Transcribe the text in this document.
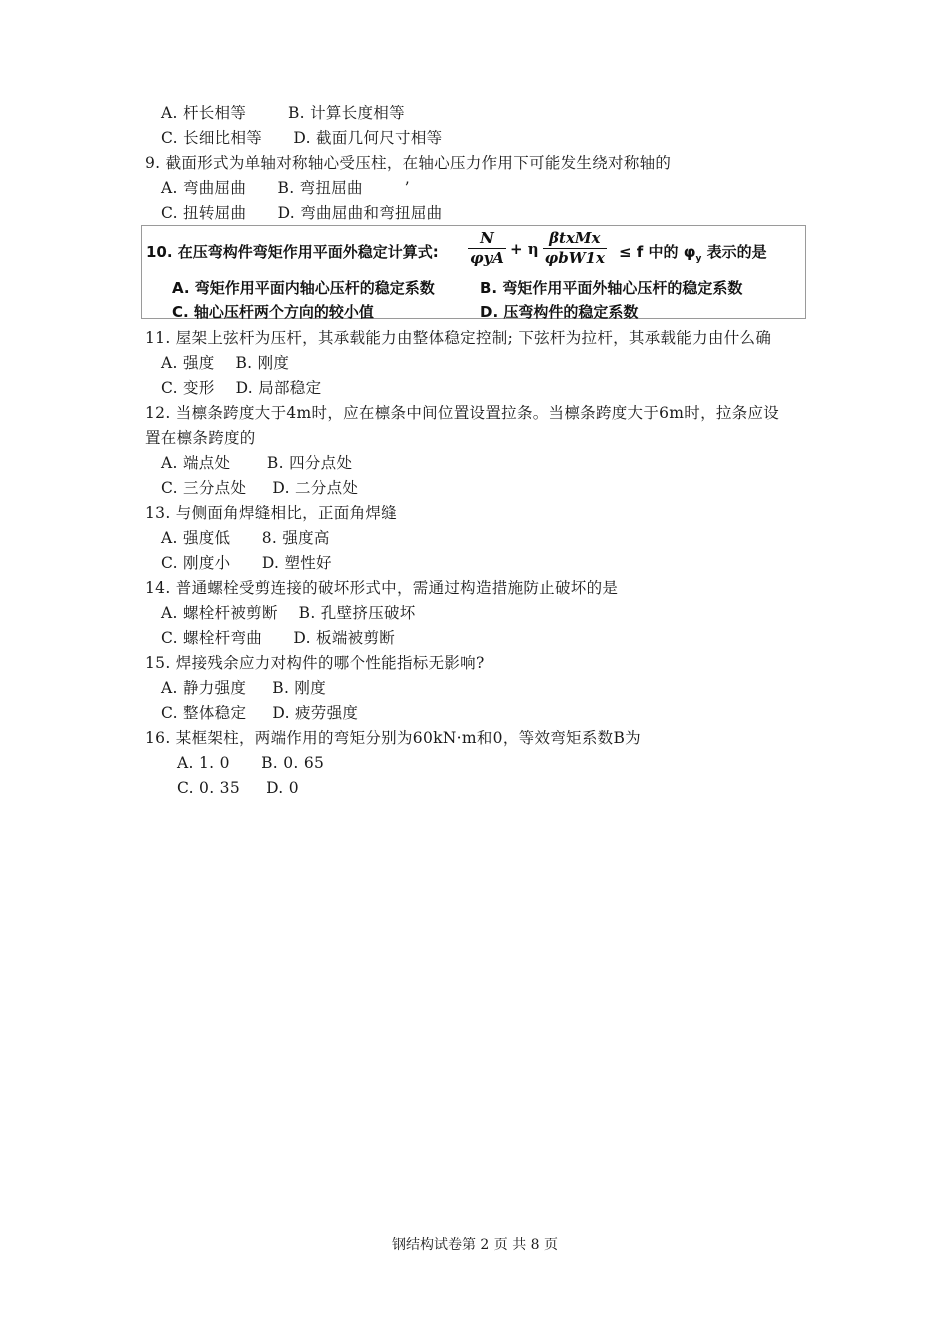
A. 杆长相等        B. 计算长度相等
C. 长细比相等      D. 截面几何尺寸相等
9. 截面形式为单轴对称轴心受压柱，在轴心压力作用下可能发生绕对称轴的
A. 弯曲屈曲      B. 弯扭屈曲        ’
C. 扭转屈曲      D. 弯曲屈曲和弯扭屈曲
10. 在压弯构件弯矩作用平面外稳定计算式: $\frac{N}{\text{φyA}} + \eta \frac{\text{βtxMx}}{\text{φbW1x}} \le f$ 中的 $\varphi_y$ 表示的是
A. 弯矩作用平面内轴心压杆的稳定系数	B. 弯矩作用平面外轴心压杆的稳定系数
C. 轴心压杆两个方向的较小值	D. 压弯构件的稳定系数
11. 屋架上弦杆为压杆，其承载能力由整体稳定控制; 下弦杆为拉杆，其承载能力由什么确
A. 强度    B. 刚度
C. 变形    D. 局部稳定
12. 当檩条跨度大于4m时，应在檩条中间位置设置拉条。当檩条跨度大于6m时，拉条应设
置在檩条跨度的
A. 端点处       B. 四分点处
C. 三分点处     D. 二分点处
13. 与侧面角焊缝相比，正面角焊缝
A. 强度低      8. 强度高
C. 刚度小      D. 塑性好
14. 普通螺栓受剪连接的破坏形式中，需通过构造措施防止破坏的是
A. 螺栓杆被剪断    B. 孔壁挤压破坏
C. 螺栓杆弯曲      D. 板端被剪断
15. 焊接残余应力对构件的哪个性能指标无影响?
A. 静力强度     B. 刚度
C. 整体稳定     D. 疲劳强度
16. 某框架柱，两端作用的弯矩分别为60kN·m和0，等效弯矩系数B为
A. 1. 0      B. 0. 65
C. 0. 35     D. 0
钢结构试卷第 2 页 共 8 页
